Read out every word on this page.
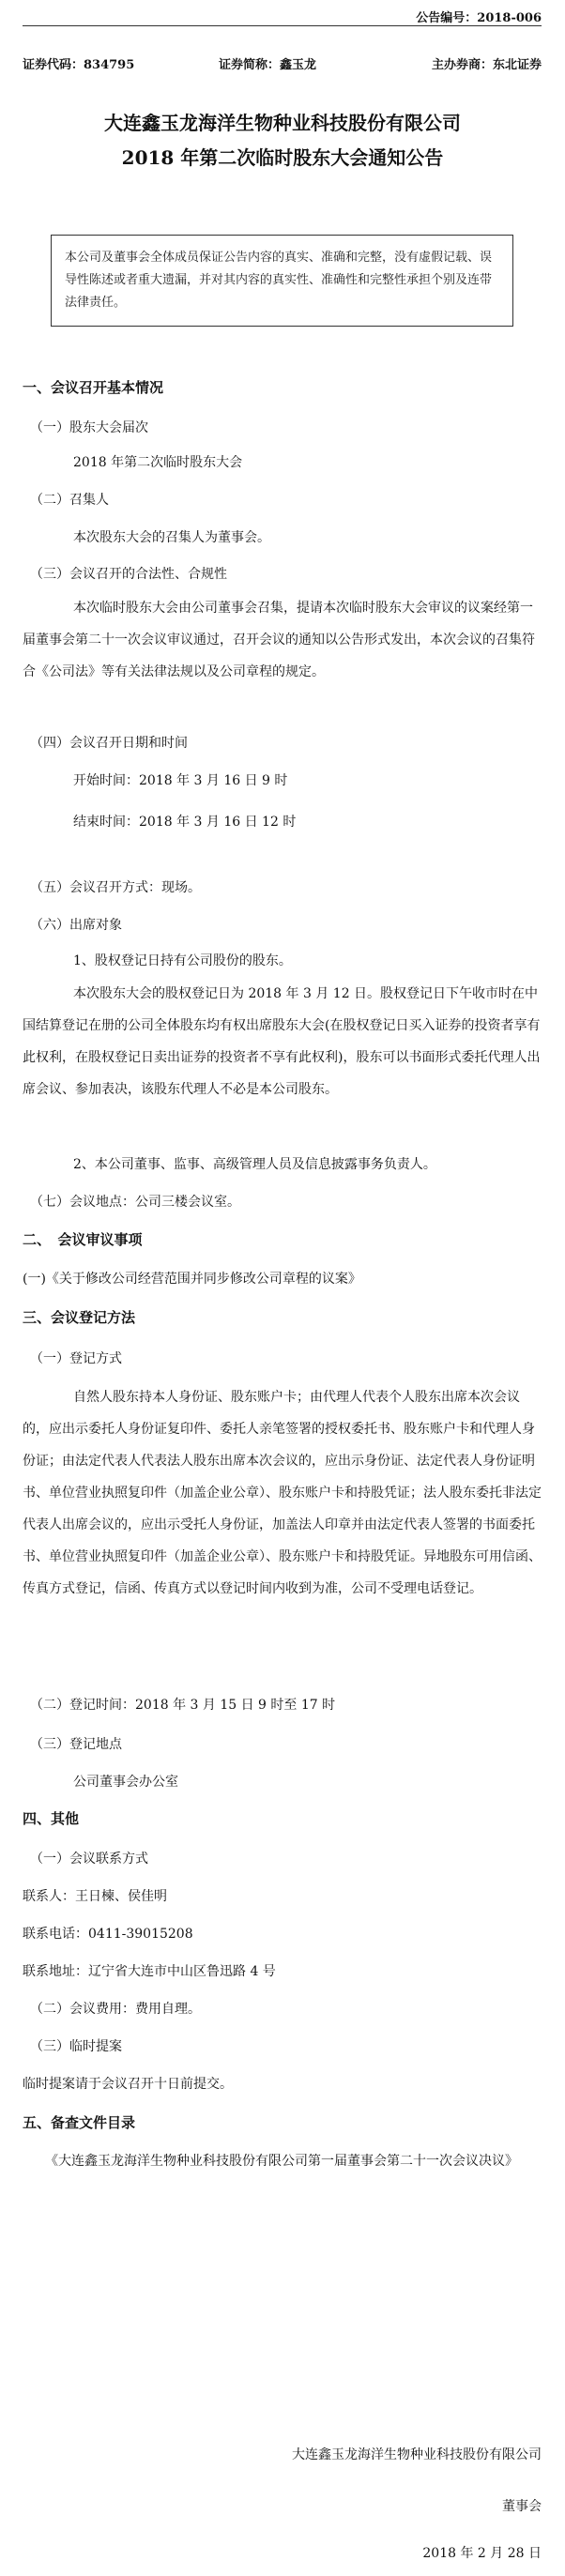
公告编号：2018-006
证券代码：834795	证券简称：鑫玉龙	主办券商：东北证券
大连鑫玉龙海洋生物种业科技股份有限公司
2018 年第二次临时股东大会通知公告
本公司及董事会全体成员保证公告内容的真实、准确和完整，没有虚假记载、误导性陈述或者重大遗漏，并对其内容的真实性、准确性和完整性承担个别及连带法律责任。
一、会议召开基本情况
（一）股东大会届次
2018 年第二次临时股东大会
（二）召集人
本次股东大会的召集人为董事会。
（三）会议召开的合法性、合规性
本次临时股东大会由公司董事会召集，提请本次临时股东大会审议的议案经第一届董事会第二十一次会议审议通过，召开会议的通知以公告形式发出，本次会议的召集符合《公司法》等有关法律法规以及公司章程的规定。
（四）会议召开日期和时间
开始时间：2018 年 3 月 16 日 9 时
结束时间：2018 年 3 月 16 日 12 时
（五）会议召开方式：现场。
（六）出席对象
1、股权登记日持有公司股份的股东。
本次股东大会的股权登记日为 2018 年 3 月 12 日。股权登记日下午收市时在中国结算登记在册的公司全体股东均有权出席股东大会(在股权登记日买入证券的投资者享有此权利，在股权登记日卖出证券的投资者不享有此权利)，股东可以书面形式委托代理人出席会议、参加表决，该股东代理人不必是本公司股东。
2、本公司董事、监事、高级管理人员及信息披露事务负责人。
（七）会议地点：公司三楼会议室。
二、　会议审议事项
(一)《关于修改公司经营范围并同步修改公司章程的议案》
三、会议登记方法
（一）登记方式
自然人股东持本人身份证、股东账户卡；由代理人代表个人股东出席本次会议的，应出示委托人身份证复印件、委托人亲笔签署的授权委托书、股东账户卡和代理人身份证；由法定代表人代表法人股东出席本次会议的，应出示身份证、法定代表人身份证明书、单位营业执照复印件（加盖企业公章）、股东账户卡和持股凭证；法人股东委托非法定代表人出席会议的，应出示受托人身份证，加盖法人印章并由法定代表人签署的书面委托书、单位营业执照复印件（加盖企业公章）、股东账户卡和持股凭证。异地股东可用信函、传真方式登记，信函、传真方式以登记时间内收到为准，公司不受理电话登记。
（二）登记时间：2018 年 3 月 15 日 9 时至 17 时
（三）登记地点
公司董事会办公室
四、其他
（一）会议联系方式
联系人：王日楝、侯佳明
联系电话：0411-39015208
联系地址：辽宁省大连市中山区鲁迅路 4 号
（二）会议费用：费用自理。
（三）临时提案
临时提案请于会议召开十日前提交。
五、备查文件目录
《大连鑫玉龙海洋生物种业科技股份有限公司第一届董事会第二十一次会议决议》
大连鑫玉龙海洋生物种业科技股份有限公司
董事会
2018 年 2 月 28 日
